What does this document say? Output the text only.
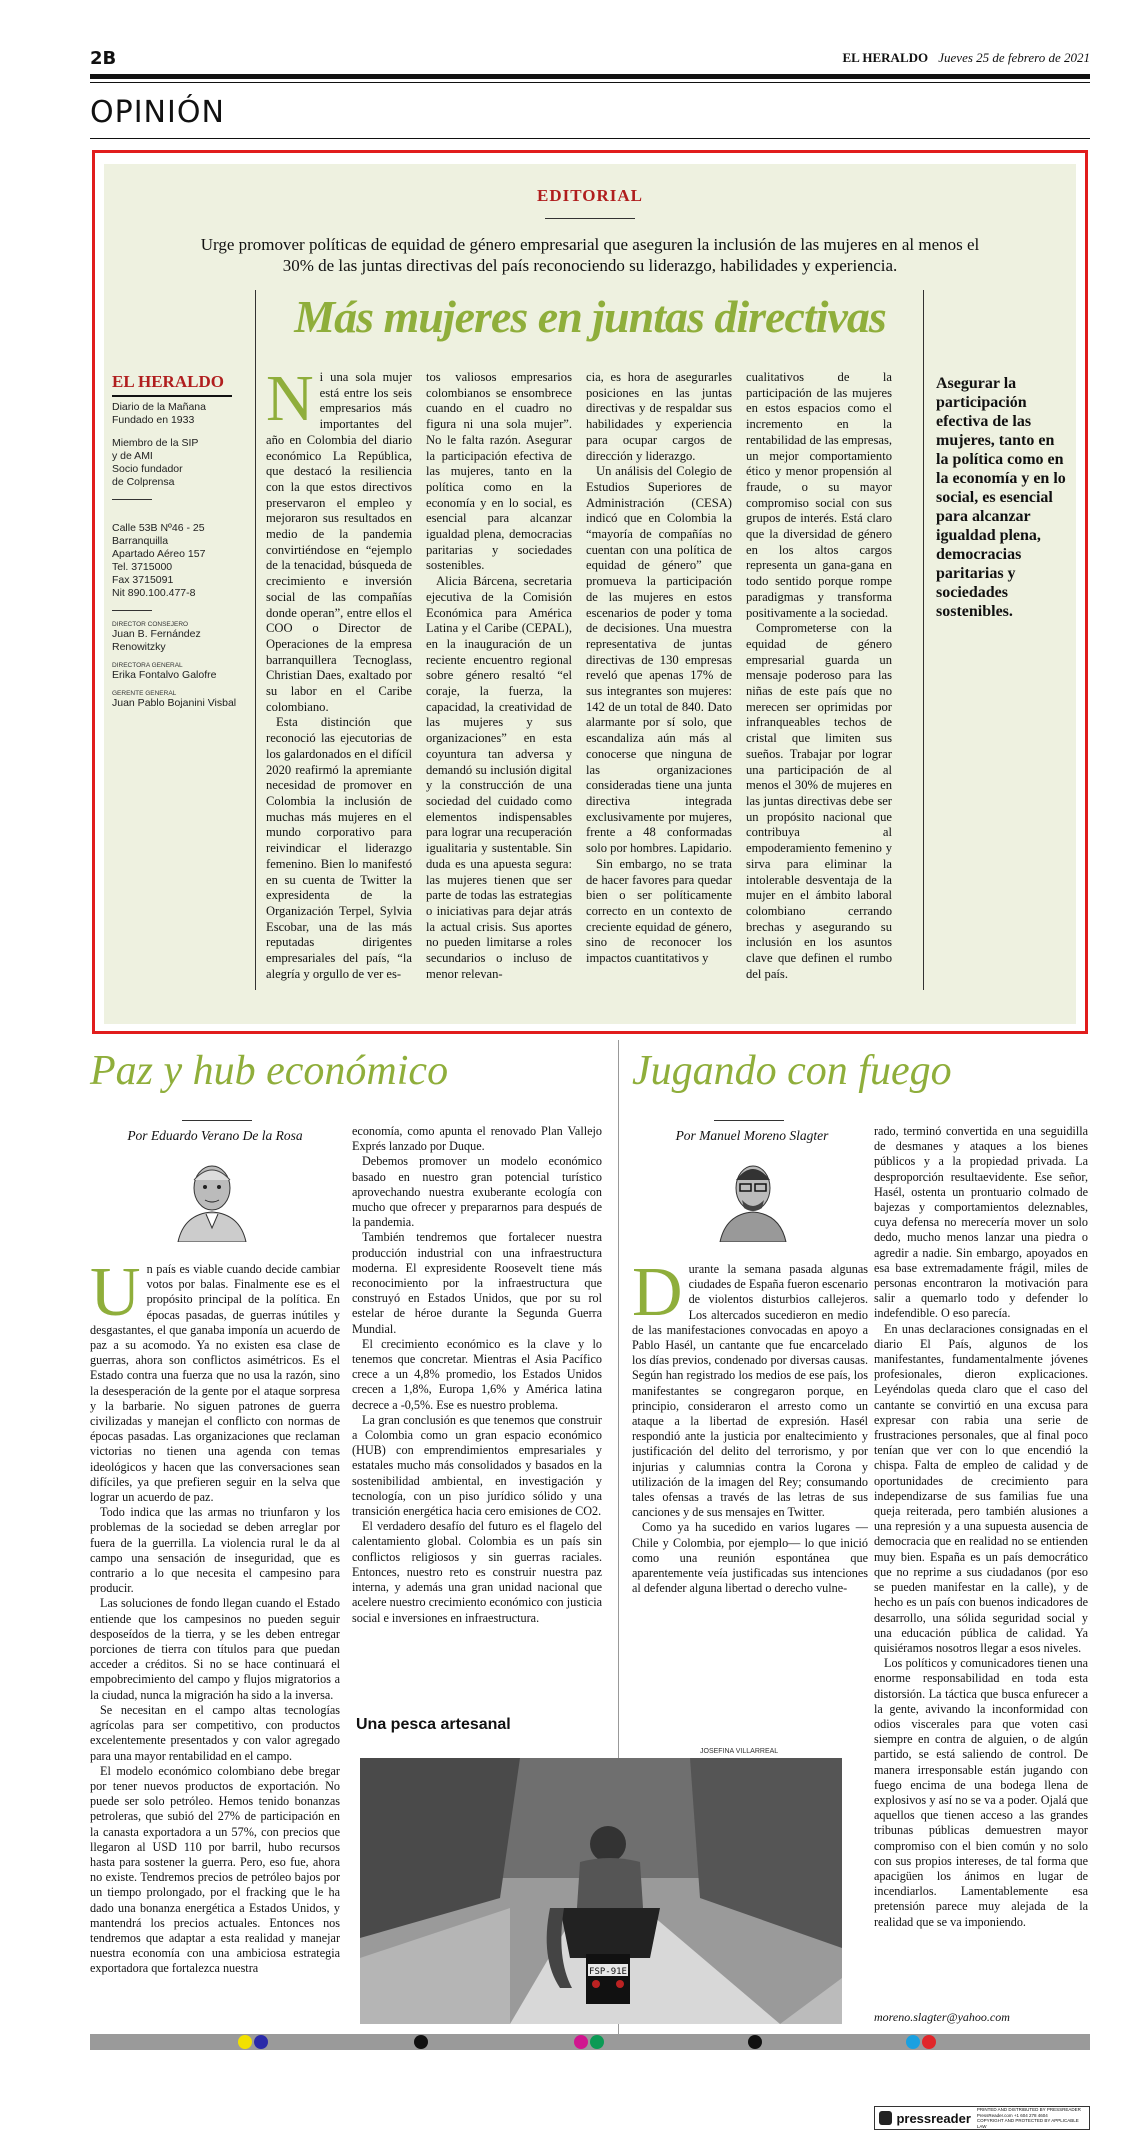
2B	EL HERALDO Jueves 25 de febrero de 2021
OPINIÓN
EDITORIAL
Urge promover políticas de equidad de género empresarial que aseguren la inclusión de las mujeres en al menos el 30% de las juntas directivas del país reconociendo su liderazgo, habilidades y experiencia.
Más mujeres en juntas directivas
EL HERALDO
Diario de la Mañana
Fundado en 1933
Miembro de la SIP
y de AMI
Socio fundador
de Colprensa
Calle 53B Nº46 - 25
Barranquilla
Apartado Aéreo 157
Tel. 3715000
Fax 3715091
Nit 890.100.477-8
DIRECTOR CONSEJERO
Juan B. Fernández Renowitzky
DIRECTORA GENERAL
Erika Fontalvo Galofre
GERENTE GENERAL
Juan Pablo Bojanini Visbal
N i una sola mujer está entre los seis empresarios más importantes del año en Colombia del diario económico La República, que destacó la resiliencia con la que estos directivos preservaron el empleo y mejoraron sus resultados en medio de la pandemia convirtiéndose en “ejemplo de la tenacidad, búsqueda de crecimiento e inversión social de las compañías donde operan”, entre ellos el COO o Director de Operaciones de la empresa barranquillera Tecnoglass, Christian Daes, exaltado por su labor en el Caribe colombiano.

Esta distinción que reconoció las ejecutorias de los galardonados en el difícil 2020 reafirmó la apremiante necesidad de promover en Colombia la inclusión de muchas más mujeres en el mundo corporativo para reivindicar el liderazgo femenino. Bien lo manifestó en su cuenta de Twitter la expresidenta de la Organización Terpel, Sylvia Escobar, una de las más reputadas dirigentes empresariales del país, “la alegría y orgullo de ver es-

tos valiosos empresarios colombianos se ensombrece cuando en el cuadro no figura ni una sola mujer”. No le falta razón. Asegurar la participación efectiva de las mujeres, tanto en la política como en la economía y en lo social, es esencial para alcanzar igualdad plena, democracias paritarias y sociedades sostenibles.

Alicia Bárcena, secretaria ejecutiva de la Comisión Económica para América Latina y el Caribe (CEPAL), en la inauguración de un reciente encuentro regional sobre género resaltó “el coraje, la fuerza, la capacidad, la creatividad de las mujeres y sus organizaciones” en esta coyuntura tan adversa y demandó su inclusión digital y la construcción de una sociedad del cuidado como elementos indispensables para lograr una recuperación igualitaria y sustentable. Sin duda es una apuesta segura: las mujeres tienen que ser parte de todas las estrategias o iniciativas para dejar atrás la actual crisis. Sus aportes no pueden limitarse a roles secundarios o incluso de menor relevan-

cia, es hora de asegurarles posiciones en las juntas directivas y de respaldar sus habilidades y experiencia para ocupar cargos de dirección y liderazgo.

Un análisis del Colegio de Estudios Superiores de Administración (CESA) indicó que en Colombia la “mayoría de compañías no cuentan con una política de equidad de género” que promueva la participación de las mujeres en estos escenarios de poder y toma de decisiones. Una muestra representativa de juntas directivas de 130 empresas reveló que apenas 17% de sus integrantes son mujeres: 142 de un total de 840. Dato alarmante por sí solo, que escandaliza aún más al conocerse que ninguna de las organizaciones consideradas tiene una junta directiva integrada exclusivamente por mujeres, frente a 48 conformadas solo por hombres. Lapidario.

Sin embargo, no se trata de hacer favores para quedar bien o ser políticamente correcto en un contexto de creciente equidad de género, sino de reconocer los impactos cuantitativos y

cualitativos de la participación de las mujeres en estos espacios como el incremento en la rentabilidad de las empresas, un mejor comportamiento ético y menor propensión al fraude, o su mayor compromiso social con sus grupos de interés. Está claro que la diversidad de género en los altos cargos representa un gana-gana en todo sentido porque rompe paradigmas y transforma positivamente a la sociedad.

Comprometerse con la equidad de género empresarial guarda un mensaje poderoso para las niñas de este país que no merecen ser oprimidas por infranqueables techos de cristal que limiten sus sueños. Trabajar por lograr una participación de al menos el 30% de mujeres en las juntas directivas debe ser un propósito nacional que contribuya al empoderamiento femenino y sirva para eliminar la intolerable desventaja de la mujer en el ámbito laboral colombiano cerrando brechas y asegurando su inclusión en los asuntos clave que definen el rumbo del país.

Asegurar la participación efectiva de las mujeres, tanto en la política como en la economía y en lo social, es esencial para alcanzar igualdad plena, democracias paritarias y sociedades sostenibles.
Paz y hub económico
Por Eduardo Verano De la Rosa
U n país es viable cuando decide cambiar votos por balas. Finalmente ese es el propósito principal de la política. En épocas pasadas, de guerras inútiles y desgastantes, el que ganaba imponía un acuerdo de paz a su acomodo. Ya no existen esa clase de guerras, ahora son conflictos asimétricos. Es el Estado contra una fuerza que no usa la razón, sino la desesperación de la gente por el ataque sorpresa y la barbarie. No siguen patrones de guerra civilizadas y manejan el conflicto con normas de épocas pasadas. Las organizaciones que reclaman victorias no tienen una agenda con temas ideológicos y hacen que las conversaciones sean difíciles, ya que prefieren seguir en la selva que lograr un acuerdo de paz.

Todo indica que las armas no triunfaron y los problemas de la sociedad se deben arreglar por fuera de la guerrilla. La violencia rural le da al campo una sensación de inseguridad, que es contrario a lo que necesita el campesino para producir.

Las soluciones de fondo llegan cuando el Estado entiende que los campesinos no pueden seguir desposeídos de la tierra, y se les deben entregar porciones de tierra con títulos para que puedan acceder a créditos. Si no se hace continuará el empobrecimiento del campo y flujos migratorios a la ciudad, nunca la migración ha sido a la inversa.

Se necesitan en el campo altas tecnologías agrícolas para ser competitivo, con productos excelentemente presentados y con valor agregado para una mayor rentabilidad en el campo.

El modelo económico colombiano debe bregar por tener nuevos productos de exportación. No puede ser solo petróleo. Hemos tenido bonanzas petroleras, que subió del 27% de participación en la canasta exportadora a un 57%, con precios que llegaron al USD 110 por barril, hubo recursos hasta para sostener la guerra. Pero, eso fue, ahora no existe. Tendremos precios de petróleo bajos por un tiempo prolongado, por el fracking que le ha dado una bonanza energética a Estados Unidos, y mantendrá los precios actuales. Entonces nos tendremos que adaptar a esta realidad y manejar nuestra economía con una ambiciosa estrategia exportadora que fortalezca nuestra

economía, como apunta el renovado Plan Vallejo Exprés lanzado por Duque.

Debemos promover un modelo económico basado en nuestro gran potencial turístico aprovechando nuestra exuberante ecología con mucho que ofrecer y prepararnos para después de la pandemia.

También tendremos que fortalecer nuestra producción industrial con una infraestructura moderna. El expresidente Roosevelt tiene más reconocimiento por la infraestructura que construyó en Estados Unidos, que por su rol estelar de héroe durante la Segunda Guerra Mundial.

El crecimiento económico es la clave y lo tenemos que concretar. Mientras el Asia Pacífico crece a un 4,8% promedio, los Estados Unidos crecen a 1,8%, Europa 1,6% y América latina decrece a -0,5%. Ese es nuestro problema.

La gran conclusión es que tenemos que construir a Colombia como un gran espacio económico (HUB) con emprendimientos empresariales y estatales mucho más consolidados y basados en la sostenibilidad ambiental, en investigación y tecnología, con un piso jurídico sólido y una transición energética hacia cero emisiones de CO2.

El verdadero desafío del futuro es el flagelo del calentamiento global. Colombia es un país sin conflictos religiosos y sin guerras raciales. Entonces, nuestro reto es construir nuestra paz interna, y además una gran unidad nacional que acelere nuestro crecimiento económico con justicia social e inversiones en infraestructura.

Una pesca artesanal
JOSEFINA VILLARREAL
FSP-91E
Jugando con fuego
Por Manuel Moreno Slagter
D urante la semana pasada algunas ciudades de España fueron escenario de violentos disturbios callejeros. Los altercados sucedieron en medio de las manifestaciones convocadas en apoyo a Pablo Hasél, un cantante que fue encarcelado los días previos, condenado por diversas causas. Según han registrado los medios de ese país, los manifestantes se congregaron porque, en principio, consideraron el arresto como un ataque a la libertad de expresión. Hasél respondió ante la justicia por enaltecimiento y justificación del delito del terrorismo, y por injurias y calumnias contra la Corona y utilización de la imagen del Rey; consumando tales ofensas a través de las letras de sus canciones y de sus mensajes en Twitter.

Como ya ha sucedido en varios lugares —Chile y Colombia, por ejemplo— lo que inició como una reunión espontánea que aparentemente veía justificadas sus intenciones al defender alguna libertad o derecho vulne-

rado, terminó convertida en una seguidilla de desmanes y ataques a los bienes públicos y a la propiedad privada. La desproporción resultaevidente. Ese señor, Hasél, ostenta un prontuario colmado de bajezas y comportamientos deleznables, cuya defensa no merecería mover un solo dedo, mucho menos lanzar una piedra o agredir a nadie. Sin embargo, apoyados en esa base extremadamente frágil, miles de personas encontraron la motivación para salir a quemarlo todo y defender lo indefendible. O eso parecía.

En unas declaraciones consignadas en el diario El País, algunos de los manifestantes, fundamentalmente jóvenes profesionales, dieron explicaciones. Leyéndolas queda claro que el caso del cantante se convirtió en una excusa para expresar con rabia una serie de frustraciones personales, que al final poco tenían que ver con lo que encendió la chispa. Falta de empleo de calidad y de oportunidades de crecimiento para independizarse de sus familias fue una queja reiterada, pero también alusiones a una represión y a una supuesta ausencia de democracia que en realidad no se entienden muy bien. España es un país democrático que no reprime a sus ciudadanos (por eso se pueden manifestar en la calle), y de hecho es un país con buenos indicadores de desarrollo, una sólida seguridad social y una educación pública de calidad. Ya quisiéramos nosotros llegar a esos niveles.

Los políticos y comunicadores tienen una enorme responsabilidad en toda esta distorsión. La táctica que busca enfurecer a la gente, avivando la inconformidad con odios viscerales para que voten casi siempre en contra de alguien, o de algún partido, se está saliendo de control. De manera irresponsable están jugando con fuego encima de una bodega llena de explosivos y así no se va a poder. Ojalá que aquellos que tienen acceso a las grandes tribunas públicas demuestren mayor compromiso con el bien común y no solo con sus propios intereses, de tal forma que apacigüen los ánimos en lugar de incendiarlos. Lamentablemente esa pretensión parece muy alejada de la realidad que se va imponiendo.

moreno.slagter@yahoo.com
pressreader
PRINTED AND DISTRIBUTED BY PRESSREADER
PressReader.com +1 604 278 4604
COPYRIGHT AND PROTECTED BY APPLICABLE LAW
